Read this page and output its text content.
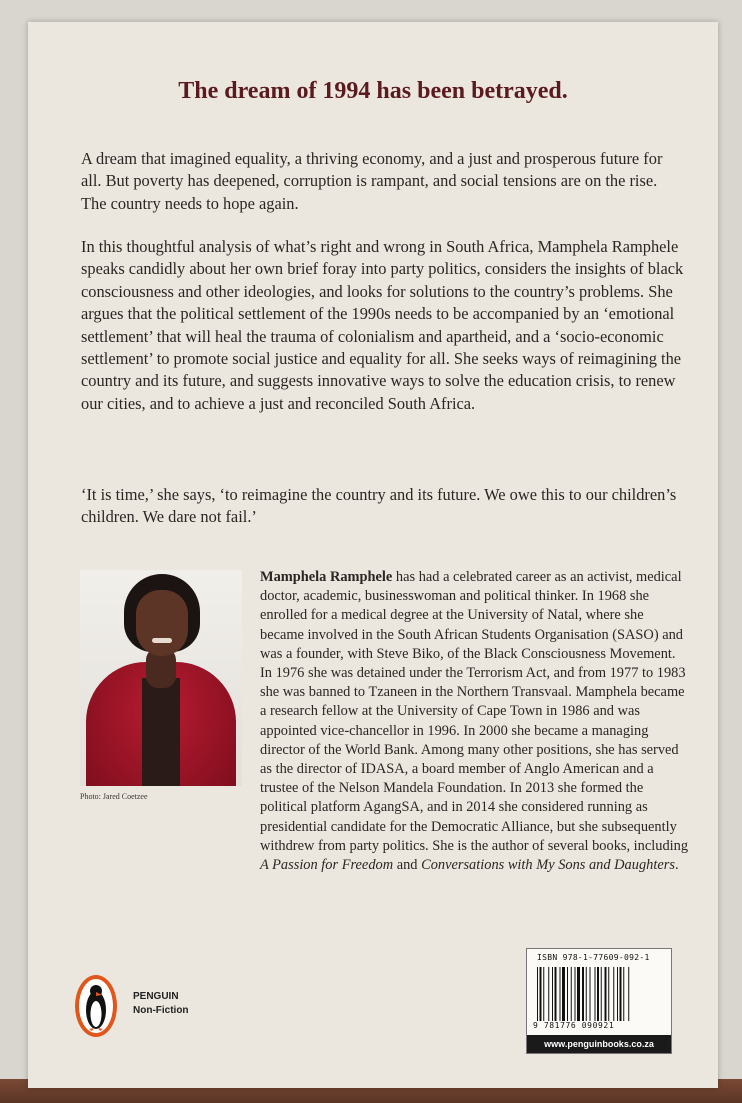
The dream of 1994 has been betrayed.

A dream that imagined equality, a thriving economy, and a just and prosperous future for all. But poverty has deepened, corruption is rampant, and social tensions are on the rise. The country needs to hope again.

In this thoughtful analysis of what’s right and wrong in South Africa, Mamphela Ramphele speaks candidly about her own brief foray into party politics, considers the insights of black consciousness and other ideologies, and looks for solutions to the country’s problems. She argues that the political settlement of the 1990s needs to be accompanied by an ‘emotional settlement’ that will heal the trauma of colonialism and apartheid, and a ‘socio-economic settlement’ to promote social justice and equality for all. She seeks ways of reimagining the country and its future, and suggests innovative ways to solve the education crisis, to renew our cities, and to achieve a just and reconciled South Africa.

‘It is time,’ she says, ‘to reimagine the country and its future. We owe this to our children’s children. We dare not fail.’

Photo: Jared Coetzee

Mamphela Ramphele has had a celebrated career as an activist, medical doctor, academic, businesswoman and political thinker. In 1968 she enrolled for a medical degree at the University of Natal, where she became involved in the South African Students Organisation (SASO) and was a founder, with Steve Biko, of the Black Consciousness Movement. In 1976 she was detained under the Terrorism Act, and from 1977 to 1983 she was banned to Tzaneen in the Northern Transvaal. Mamphela became a research fellow at the University of Cape Town in 1986 and was appointed vice-chancellor in 1996. In 2000 she became a managing director of the World Bank. Among many other positions, she has served as the director of IDASA, a board member of Anglo American and a trustee of the Nelson Mandela Foundation. In 2013 she formed the political platform AgangSA, and in 2014 she considered running as presidential candidate for the Democratic Alliance, but she subsequently withdrew from party politics. She is the author of several books, including A Passion for Freedom and Conversations with My Sons and Daughters.

PENGUIN
Non-Fiction

ISBN 978-1-77609-092-1

9 781776 090921

www.penguinbooks.co.za
